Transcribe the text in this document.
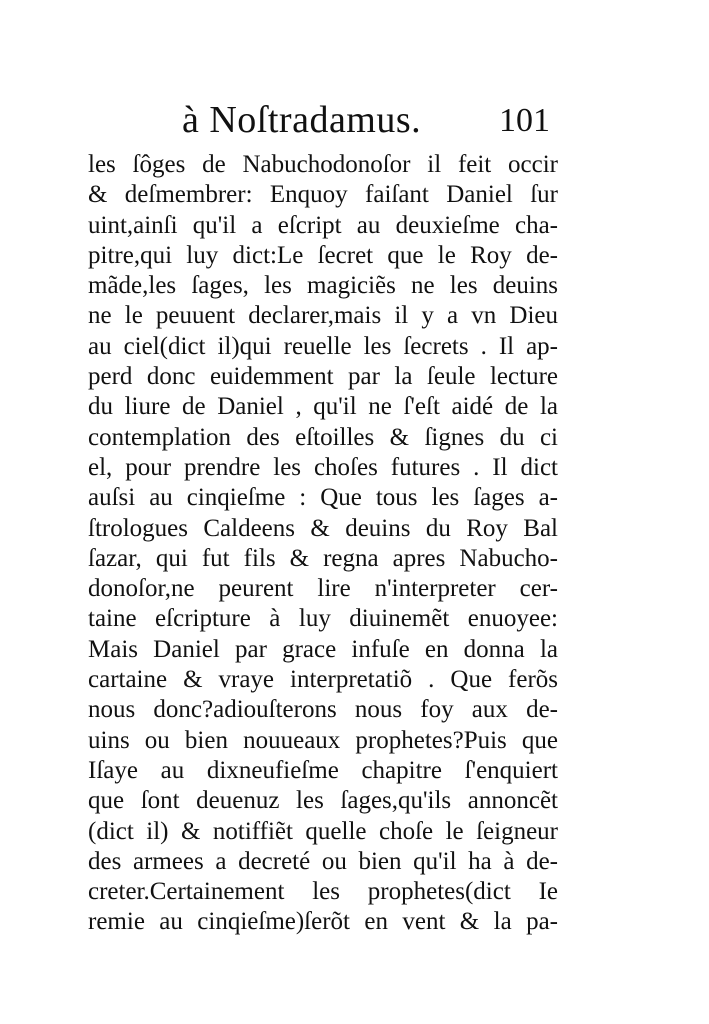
à Noſtradamus. 101
les ſôges de Nabuchodonoſor il feit occir
& deſmembrer: Enquoy faiſant Daniel ſur
uint,ainſi qu'il a eſcript au deuxieſme cha-
pitre,qui luy dict:Le ſecret que le Roy de-
mãde,les ſages, les magiciẽs ne les deuins
ne le peuuent declarer,mais il y a vn Dieu
au ciel(dict il)qui reuelle les ſecrets . Il ap-
perd donc euidemment par la ſeule lecture
du liure de Daniel , qu'il ne ſ'eſt aidé de la
contemplation des eſtoilles & ſignes du ci
el, pour prendre les choſes futures . Il dict
auſsi au cinqieſme : Que tous les ſages a-
ſtrologues Caldeens & deuins du Roy Bal
ſazar, qui fut fils & regna apres Nabucho-
donoſor,ne peurent lire n'interpreter cer-
taine eſcripture à luy diuinemẽt enuoyee:
Mais Daniel par grace infuſe en donna la
cartaine & vraye interpretatiõ . Que ferõs
nous donc?adiouſterons nous foy aux de-
uins ou bien nouueaux prophetes?Puis que
Iſaye au dixneufieſme chapitre ſ'enquiert
que ſont deuenuz les ſages,qu'ils annoncẽt
(dict il) & notiffiẽt quelle choſe le ſeigneur
des armees a decreté ou bien qu'il ha à de-
creter.Certainement les prophetes(dict Ie
remie au cinqieſme)ſerõt en vent & la pa-
